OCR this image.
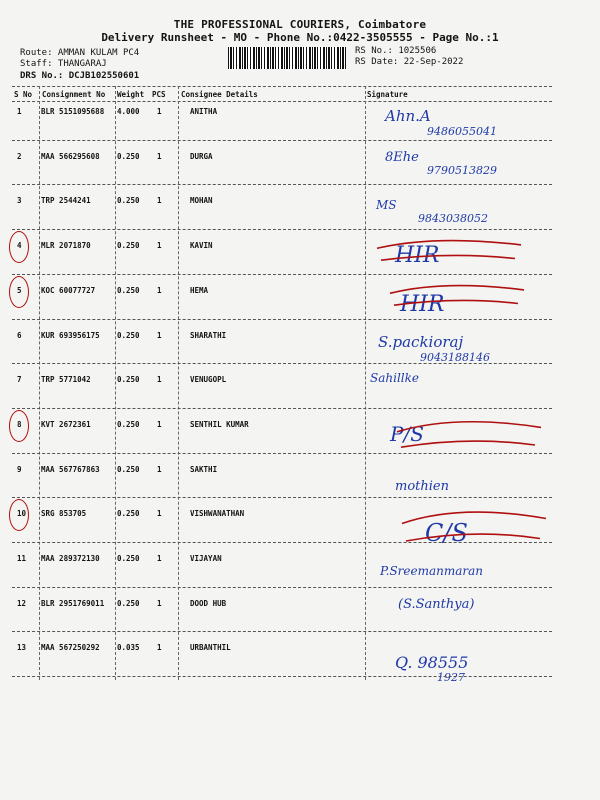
THE PROFESSIONAL COURIERS, Coimbatore
Delivery Runsheet - MO - Phone No.:0422-3505555 - Page No.:1
Route: AMMAN KULAM PC4
Staff: THANGARAJ
DRS No.: DCJB102550601
RS No.: 1025506
RS Date: 22-Sep-2022
S No Consignment No Weight PCS Consignee Details	Signature
1	BLR 5151095688 4.000 1	ANITHA	Ahn.A
9486055041
2	MAA 566295608 0.250 1	DURGA	8Ehe
9790513829
3	TRP 2544241	0.250 1	MOHAN	MS
9843038052
4	MLR 2071870	0.250 1	KAVIN	HIR
5	KOC 60077727	0.250 1	HEMA
HIR
6	KUR 693956175 0.250 1	SHARATHI	S.packioraj
9043188146
7	TRP 5771042	0.250 1	VENUGOPL	Sahillke
8	KVT 2672361	0.250 1	SENTHIL KUMAR	P/S
9	MAA 567767863 0.250 1	SAKTHI
mothien
10 SRG 853705	0.250 1	VISHWANATHAN
C/S
11 MAA 289372130 0.250 1	VIJAYAN
P.Sreemanmaran
12 BLR 2951769011 0.250 1	DOOD HUB	(S.Santhya)
13 MAA 567250292 0.035 1	URBANTHIL
Q. 98555
1927
